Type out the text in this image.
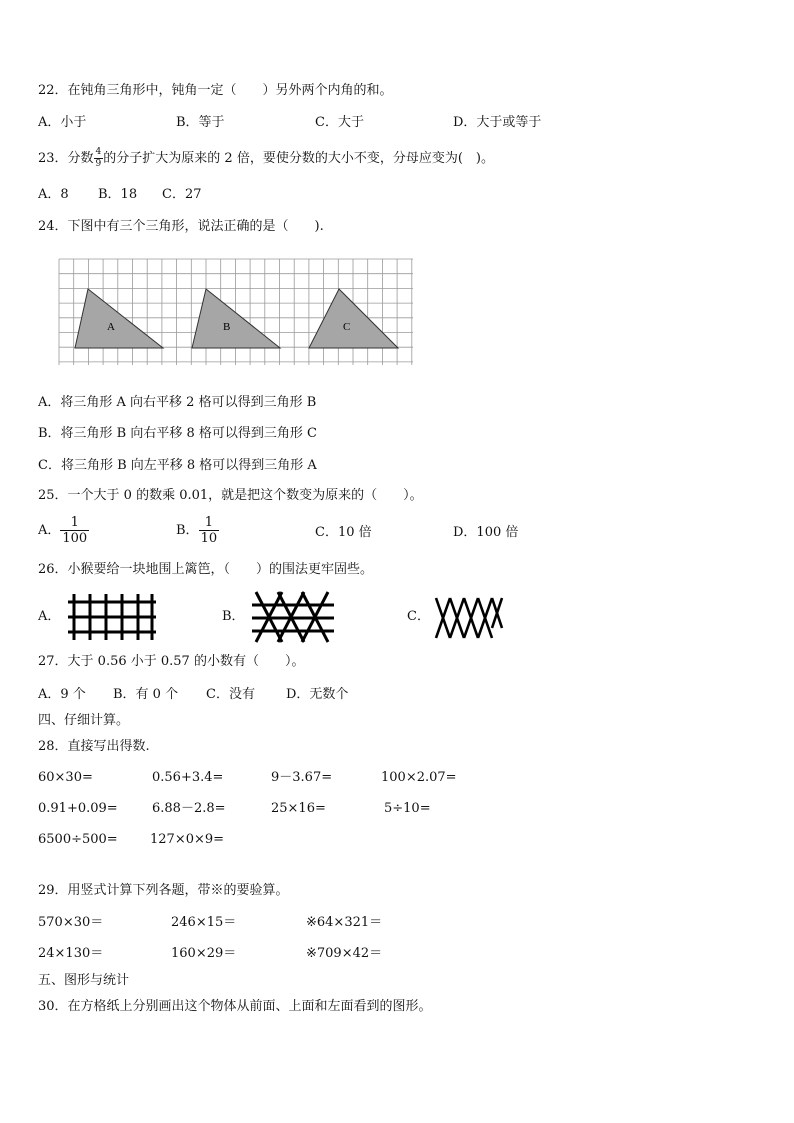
22．在钝角三角形中，钝角一定（　　）另外两个内角的和。
A．小于	B．等于	C．大于	D．大于或等于
23．分数 $\frac{4}{9}$ 的分子扩大为原来的 2 倍，要使分数的大小不变，分母应变为(　)。
A．8 B．18 C．27
24．下图中有三个三角形，说法正确的是（　　).
A	B	C
A．将三角形 A 向右平移 2 格可以得到三角形 B
B．将三角形 B 向右平移 8 格可以得到三角形 C
C．将三角形 B 向左平移 8 格可以得到三角形 A
25．一个大于 0 的数乘 0.01，就是把这个数变为原来的（　　）。
A． $\frac{1}{100}$	B． $\frac{1}{10}$	C．10 倍	D．100 倍
26．小猴要给一块地围上篱笆，（　　）的围法更牢固些。
A．	B．	C．
27．大于 0.56 小于 0.57 的小数有（　　）。
A．9 个 B．有 0 个 C．没有 D．无数个
四、仔细计算。
28．直接写出得数.
60×30=	0.56+3.4=	9－3.67=	100×2.07=
0.91+0.09=	6.88－2.8=	25×16=	5÷10=
6500÷500= 127×0×9=
29．用竖式计算下列各题，带※的要验算。
570×30＝	246×15＝	※64×321＝
24×130＝	160×29＝	※709×42＝
五、图形与统计
30．在方格纸上分别画出这个物体从前面、上面和左面看到的图形。
